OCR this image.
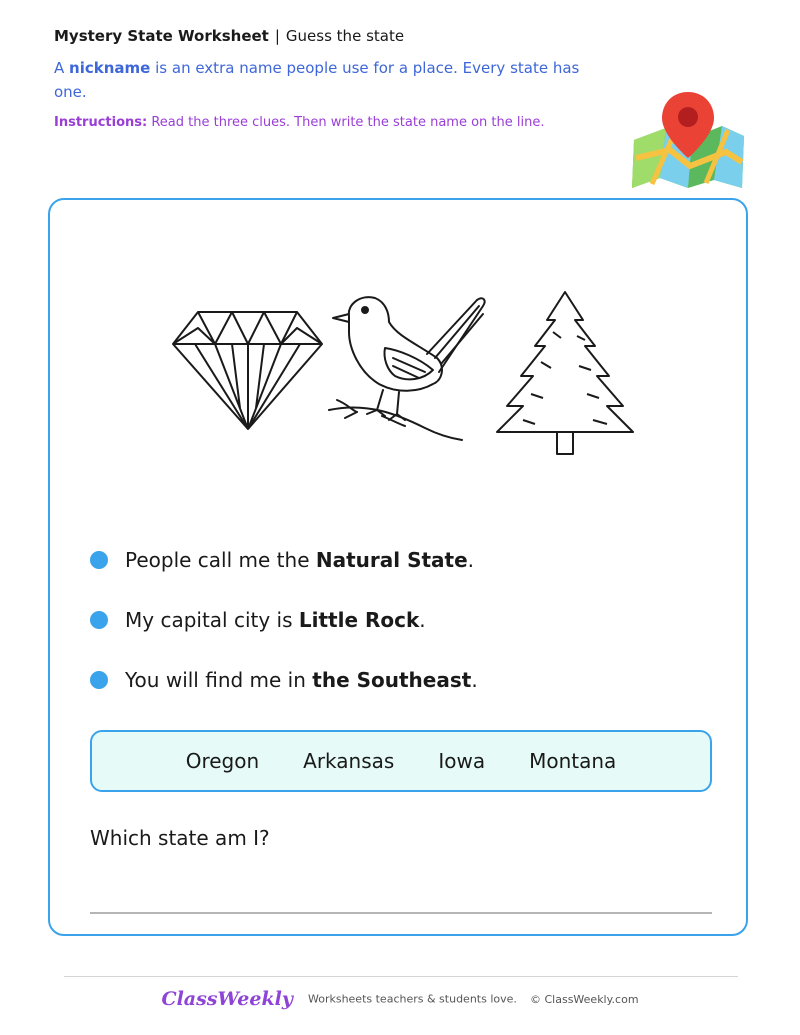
Mystery State Worksheet | Guess the state
A nickname is an extra name people use for a place. Every state has one.
Instructions: Read the three clues. Then write the state name on the line.
People call me the Natural State.
My capital city is Little Rock.
You will find me in the Southeast.
Oregon Arkansas Iowa Montana
Which state am I?
ClassWeekly Worksheets teachers & students love. © ClassWeekly.com
